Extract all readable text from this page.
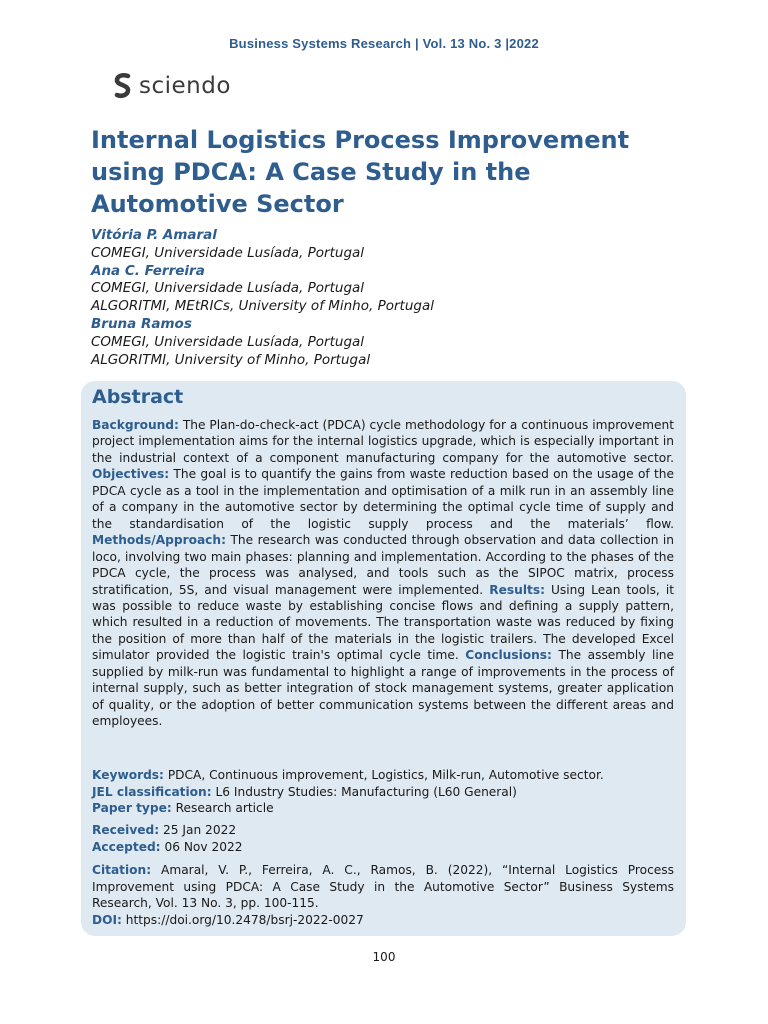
Business Systems Research | Vol. 13 No. 3 |2022
sciendo
Internal Logistics Process Improvement using PDCA: A Case Study in the Automotive Sector
Vitória P. Amaral
COMEGI, Universidade Lusíada, Portugal
Ana C. Ferreira
COMEGI, Universidade Lusíada, Portugal
ALGORITMI, MEtRICs, University of Minho, Portugal
Bruna Ramos
COMEGI, Universidade Lusíada, Portugal
ALGORITMI, University of Minho, Portugal
Abstract
Background: The Plan-do-check-act (PDCA) cycle methodology for a continuous improvement project implementation aims for the internal logistics upgrade, which is especially important in the industrial context of a component manufacturing company for the automotive sector. Objectives: The goal is to quantify the gains from waste reduction based on the usage of the PDCA cycle as a tool in the implementation and optimisation of a milk run in an assembly line of a company in the automotive sector by determining the optimal cycle time of supply and the standardisation of the logistic supply process and the materials’ flow. Methods/Approach: The research was conducted through observation and data collection in loco, involving two main phases: planning and implementation. According to the phases of the PDCA cycle, the process was analysed, and tools such as the SIPOC matrix, process stratification, 5S, and visual management were implemented. Results: Using Lean tools, it was possible to reduce waste by establishing concise flows and defining a supply pattern, which resulted in a reduction of movements. The transportation waste was reduced by fixing the position of more than half of the materials in the logistic trailers. The developed Excel simulator provided the logistic train's optimal cycle time. Conclusions: The assembly line supplied by milk-run was fundamental to highlight a range of improvements in the process of internal supply, such as better integration of stock management systems, greater application of quality, or the adoption of better communication systems between the different areas and employees.

Keywords: PDCA, Continuous improvement, Logistics, Milk-run, Automotive sector.

JEL classification: L6 Industry Studies: Manufacturing (L60 General)

Paper type: Research article

Received: 25 Jan 2022

Accepted: 06 Nov 2022

Citation: Amaral, V. P., Ferreira, A. C., Ramos, B. (2022), “Internal Logistics Process Improvement using PDCA: A Case Study in the Automotive Sector” Business Systems Research, Vol. 13 No. 3, pp. 100-115.

DOI: https://doi.org/10.2478/bsrj-2022-0027

100
